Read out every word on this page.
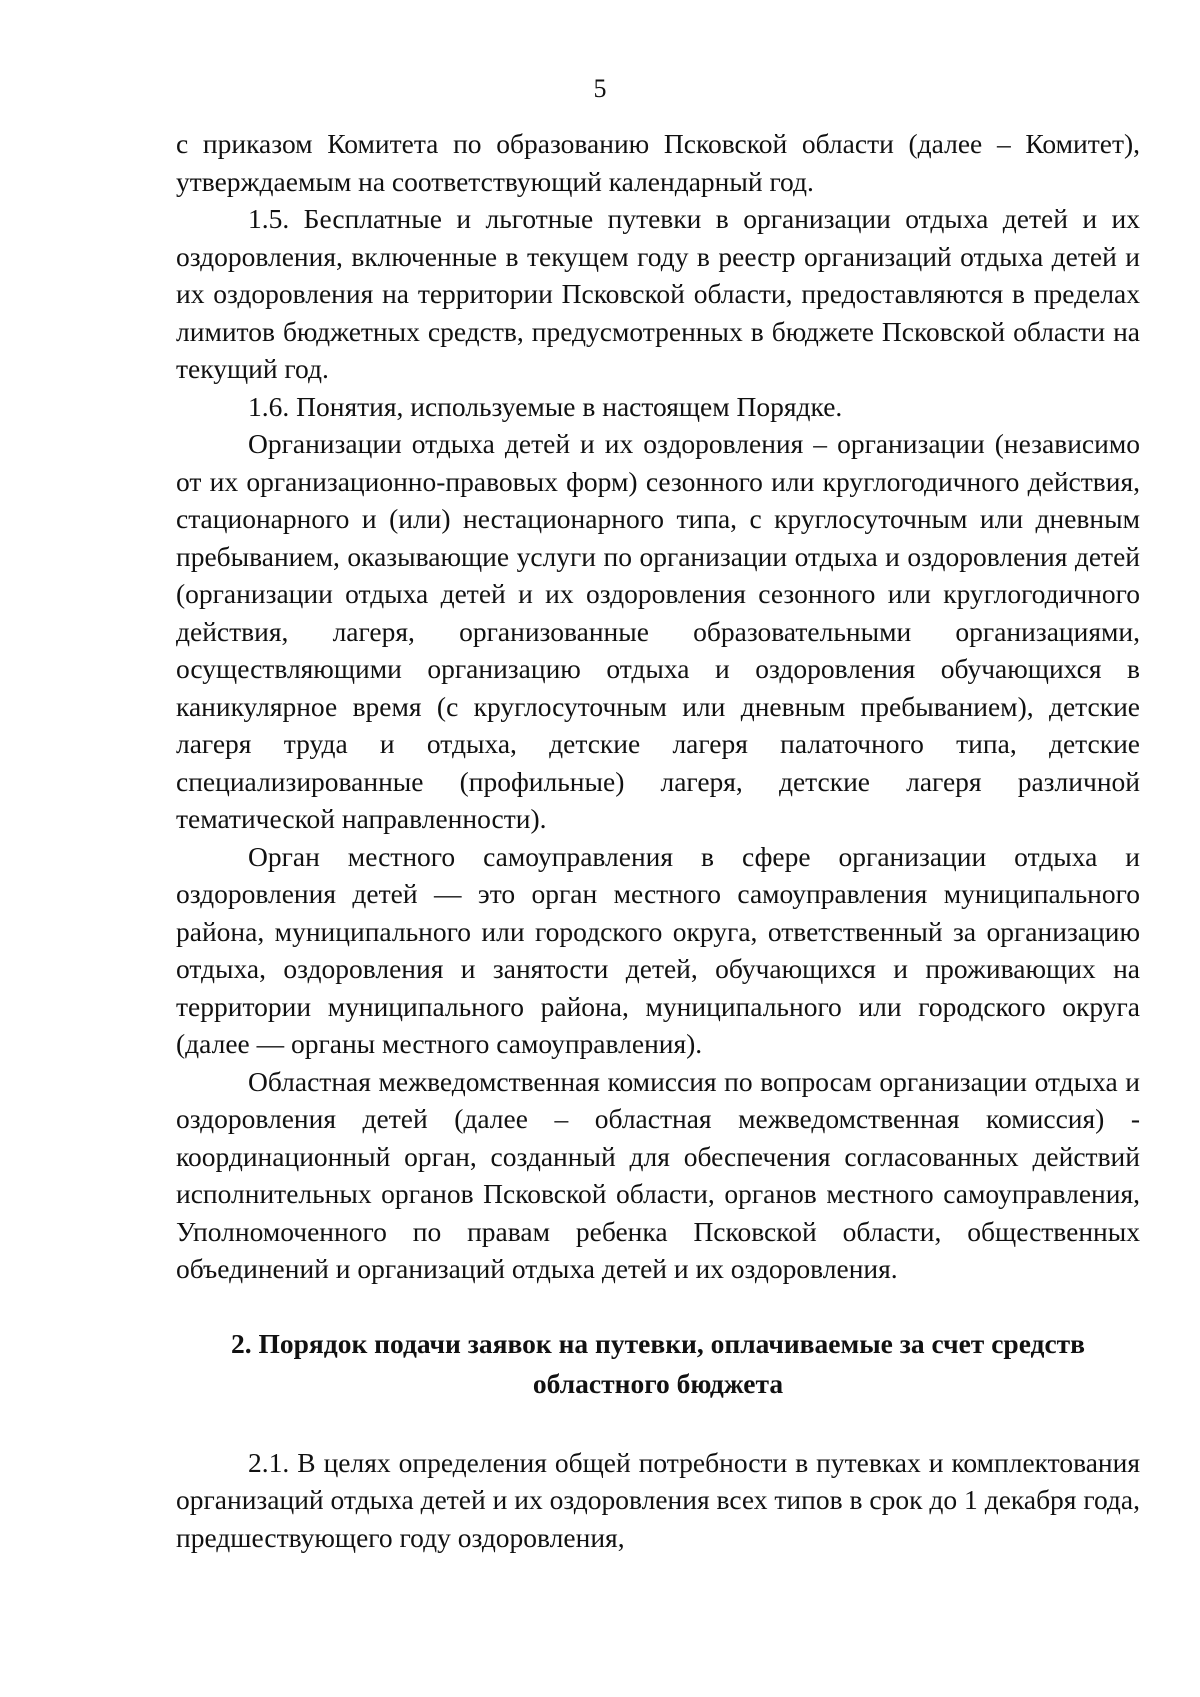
5

с приказом Комитета по образованию Псковской области (далее – Комитет), утверждаемым на соответствующий календарный год.

1.5. Бесплатные и льготные путевки в организации отдыха детей и их оздоровления, включенные в текущем году в реестр организаций отдыха детей и их оздоровления на территории Псковской области, предоставляются в пределах лимитов бюджетных средств, предусмотренных в бюджете Псковской области на текущий год.

1.6. Понятия, используемые в настоящем Порядке.

Организации отдыха детей и их оздоровления – организации (независимо от их организационно-правовых форм) сезонного или круглогодичного действия, стационарного и (или) нестационарного типа, с круглосуточным или дневным пребыванием, оказывающие услуги по организации отдыха и оздоровления детей (организации отдыха детей и их оздоровления сезонного или круглогодичного действия, лагеря, организованные образовательными организациями, осуществляющими организацию отдыха и оздоровления обучающихся в каникулярное время (с круглосуточным или дневным пребыванием), детские лагеря труда и отдыха, детские лагеря палаточного типа, детские специализированные (профильные) лагеря, детские лагеря различной тематической направленности).

Орган местного самоуправления в сфере организации отдыха и оздоровления детей — это орган местного самоуправления муниципального района, муниципального или городского округа, ответственный за организацию отдыха, оздоровления и занятости детей, обучающихся и проживающих на территории муниципального района, муниципального или городского округа (далее — органы местного самоуправления).

Областная межведомственная комиссия по вопросам организации отдыха и оздоровления детей (далее – областная межведомственная комиссия) - координационный орган, созданный для обеспечения согласованных действий исполнительных органов Псковской области, органов местного самоуправления, Уполномоченного по правам ребенка Псковской области, общественных объединений и организаций отдыха детей и их оздоровления.

2. Порядок подачи заявок на путевки, оплачиваемые за счет средств
областного бюджета

2.1. В целях определения общей потребности в путевках и комплектования организаций отдыха детей и их оздоровления всех типов в срок до 1 декабря года, предшествующего году оздоровления,
